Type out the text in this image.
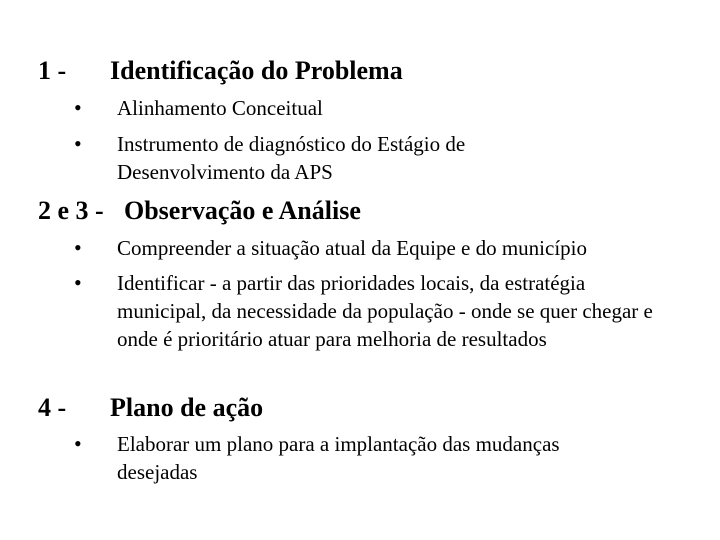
1 - Identificação do Problema
• Alinhamento Conceitual
• Instrumento de diagnóstico do Estágio de Desenvolvimento da APS
2 e 3 - Observação e Análise
• Compreender a situação atual da Equipe e do município
• Identificar - a partir das prioridades locais, da estratégia municipal, da necessidade da população - onde se quer chegar e onde é prioritário atuar para melhoria de resultados
4 - Plano de ação
• Elaborar um plano para a implantação das mudanças desejadas
